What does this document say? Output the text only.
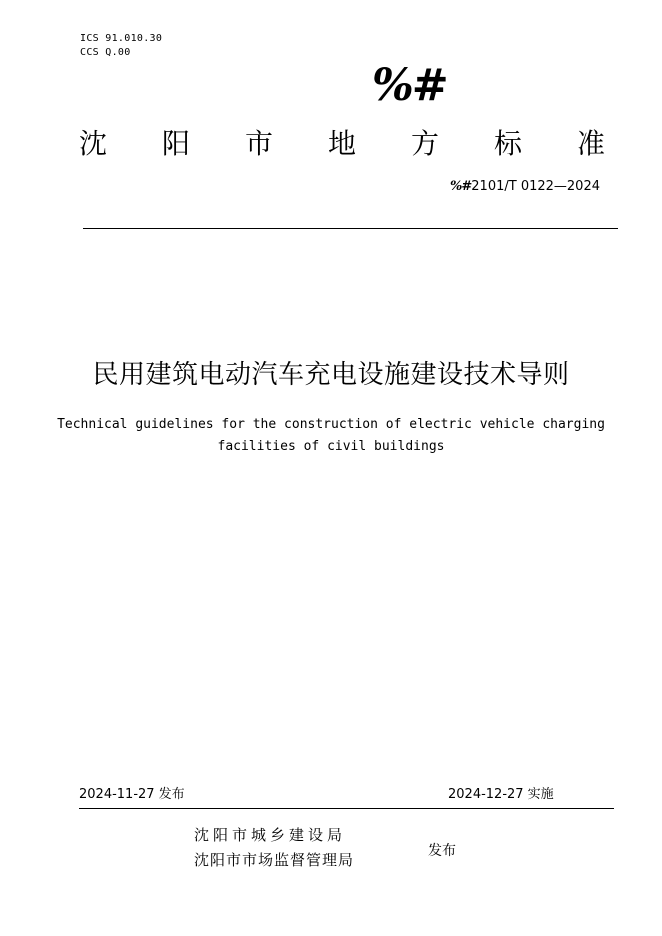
ICS 91.010.30
CCS Q.00
%#
沈	阳	市	地	方	标	准
%#2101/T 0122—2024
民用建筑电动汽车充电设施建设技术导则
Technical guidelines for the construction of electric vehicle charging
facilities of civil buildings
2024-11-27 发布	2024-12-27 实施
沈阳市城乡建设局
沈阳市市场监督管理局	发布
